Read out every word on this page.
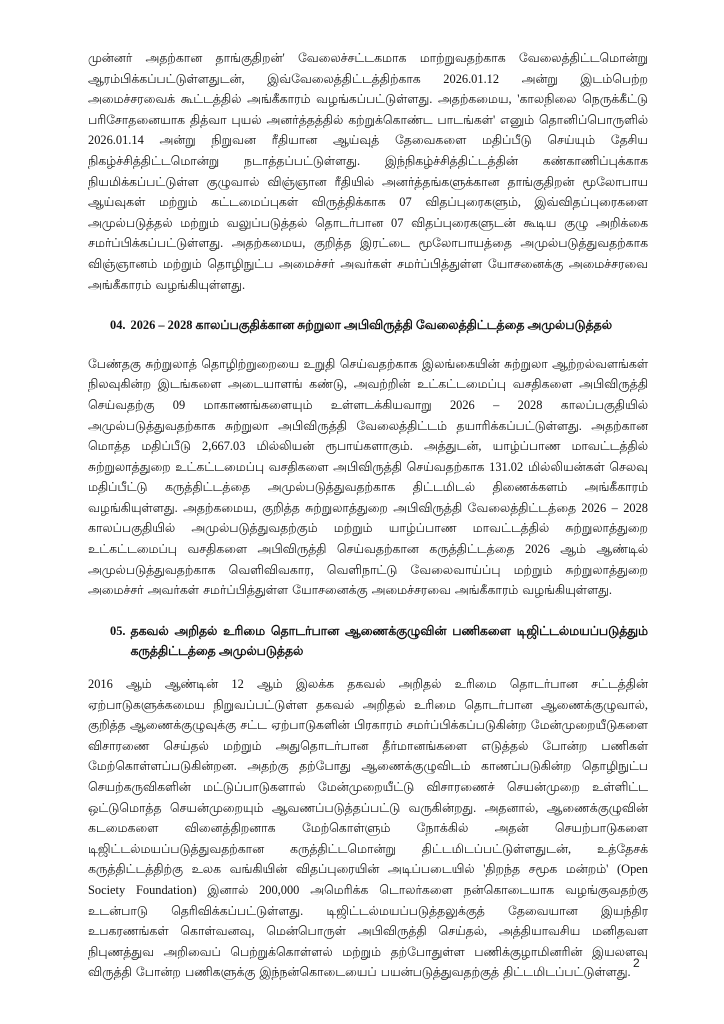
முன்னர் அதற்கான தாங்குதிறன்' வேலைச்சட்டகமாக மாற்றுவதற்காக வேலைத்திட்டமொன்று ஆரம்பிக்கப்பட்டுள்ளதுடன், இவ்வேலைத்திட்டத்திற்காக 2026.01.12 அன்று இடம்பெற்ற அமைச்சரவைக் கூட்டத்தில் அங்கீகாரம் வழங்கப்பட்டுள்ளது. அதற்கமைய, 'காலநிலை நெருக்கீட்டு பரிசோதனையாக தித்வா புயல் அனர்த்தத்தில் கற்றுக்கொண்ட பாடங்கள்' எனும் தொனிப்பொருளில் 2026.01.14 அன்று நிறுவன ரீதியான ஆய்வுத் தேவைகளை மதிப்பீடு செய்யும் தேசிய நிகழ்ச்சித்திட்டமொன்று நடாத்தப்பட்டுள்ளது. இந்நிகழ்ச்சித்திட்டத்தின் கண்காணிப்புக்காக நியமிக்கப்பட்டுள்ள குழுவால் விஞ்ஞான ரீதியில் அனர்த்தங்களுக்கான தாங்குதிறன் மூலோபாய ஆய்வுகள் மற்றும் கட்டமைப்புகள் விருத்திக்காக 07 விதப்புரைகளும், இவ்விதப்புரைகளை அமுல்படுத்தல் மற்றும் வலுப்படுத்தல் தொடர்பான 07 விதப்புரைகளுடன் கூடிய குழு அறிக்கை சமர்ப்பிக்கப்பட்டுள்ளது. அதற்கமைய, குறித்த இரட்டை மூலோபாயத்தை அமுல்படுத்துவதற்காக விஞ்ஞானம் மற்றும் தொழிநுட்ப அமைச்சர் அவர்கள் சமர்ப்பித்துள்ள யோசனைக்கு அமைச்சரவை அங்கீகாரம் வழங்கியுள்ளது.

04. 2026 – 2028 காலப்பகுதிக்கான சுற்றுலா அபிவிருத்தி வேலைத்திட்டத்தை அமுல்படுத்தல்

பேண்தகு சுற்றுலாத் தொழிற்றுறையை உறுதி செய்வதற்காக இலங்கையின் சுற்றுலா ஆற்றல்வளங்கள் நிலவுகின்ற இடங்களை அடையாளங் கண்டு, அவற்றின் உட்கட்டமைப்பு வசதிகளை அபிவிருத்தி செய்வதற்கு 09 மாகாணங்களையும் உள்ளடக்கியவாறு 2026 – 2028 காலப்பகுதியில் அமுல்படுத்துவதற்காக சுற்றுலா அபிவிருத்தி வேலைத்திட்டம் தயாரிக்கப்பட்டுள்ளது. அதற்கான மொத்த மதிப்பீடு 2,667.03 மில்லியன் ரூபாய்களாகும். அத்துடன், யாழ்ப்பாண மாவட்டத்தில் சுற்றுலாத்துறை உட்கட்டமைப்பு வசதிகளை அபிவிருத்தி செய்வதற்காக 131.02 மில்லியன்கள் செலவு மதிப்பீட்டு கருத்திட்டத்தை அமுல்படுத்துவதற்காக திட்டமிடல் திணைக்களம் அங்கீகாரம் வழங்கியுள்ளது. அதற்கமைய, குறித்த சுற்றுலாத்துறை அபிவிருத்தி வேலைத்திட்டத்தை 2026 – 2028 காலப்பகுதியில் அமுல்படுத்துவதற்கும் மற்றும் யாழ்ப்பாண மாவட்டத்தில் சுற்றுலாத்துறை உட்கட்டமைப்பு வசதிகளை அபிவிருத்தி செய்வதற்கான கருத்திட்டத்தை 2026 ஆம் ஆண்டில் அமுல்படுத்துவதற்காக வெளிவிவகார, வெளிநாட்டு வேலைவாய்ப்பு மற்றும் சுற்றுலாத்துறை அமைச்சர் அவர்கள் சமர்ப்பித்துள்ள யோசனைக்கு அமைச்சரவை அங்கீகாரம் வழங்கியுள்ளது.

05. தகவல் அறிதல் உரிமை தொடர்பான ஆணைக்குழுவின் பணிகளை டிஜிட்டல்மயப்படுத்தும் கருத்திட்டத்தை அமுல்படுத்தல்

2016 ஆம் ஆண்டின் 12 ஆம் இலக்க தகவல் அறிதல் உரிமை தொடர்பான சட்டத்தின் ஏற்பாடுகளுக்கமைய நிறுவப்பட்டுள்ள தகவல் அறிதல் உரிமை தொடர்பான ஆணைக்குழுவால், குறித்த ஆணைக்குழுவுக்கு சட்ட ஏற்பாடுகளின் பிரகாரம் சமர்ப்பிக்கப்படுகின்ற மேன்முறையீடுகளை விசாரணை செய்தல் மற்றும் அதுதொடர்பான தீர்மானங்களை எடுத்தல் போன்ற பணிகள் மேற்கொள்ளப்படுகின்றன. அதற்கு தற்போது ஆணைக்குழுவிடம் காணப்படுகின்ற தொழிநுட்ப செயற்கருவிகளின் மட்டுப்பாடுகளால் மேன்முறையீட்டு விசாரணைச் செயன்முறை உள்ளிட்ட ஒட்டுமொத்த செயன்முறையும் ஆவணப்படுத்தப்பட்டு வருகின்றது. அதனால், ஆணைக்குழுவின் கடமைகளை வினைத்திறனாக மேற்கொள்ளும் நோக்கில் அதன் செயற்பாடுகளை டிஜிட்டல்மயப்படுத்துவதற்கான கருத்திட்டமொன்று திட்டமிடப்பட்டுள்ளதுடன், உத்தேசக் கருத்திட்டத்திற்கு உலக வங்கியின் விதப்புரையின் அடிப்படையில் 'திறந்த சமூக மன்றம்' (Open Society Foundation) இனால் 200,000 அமெரிக்க டொலர்களை நன்கொடையாக வழங்குவதற்கு உடன்பாடு தெரிவிக்கப்பட்டுள்ளது. டிஜிட்டல்மயப்படுத்தலுக்குத் தேவையான இயந்திர உபகரணங்கள் கொள்வனவு, மென்பொருள் அபிவிருத்தி செய்தல், அத்தியாவசிய மனிதவள நிபுணத்துவ அறிவைப் பெற்றுக்கொள்ளல் மற்றும் தற்போதுள்ள பணிக்குழாமினரின் இயலளவு விருத்தி போன்ற பணிகளுக்கு இந்நன்கொடையைப் பயன்படுத்துவதற்குத் திட்டமிடப்பட்டுள்ளது.

2
